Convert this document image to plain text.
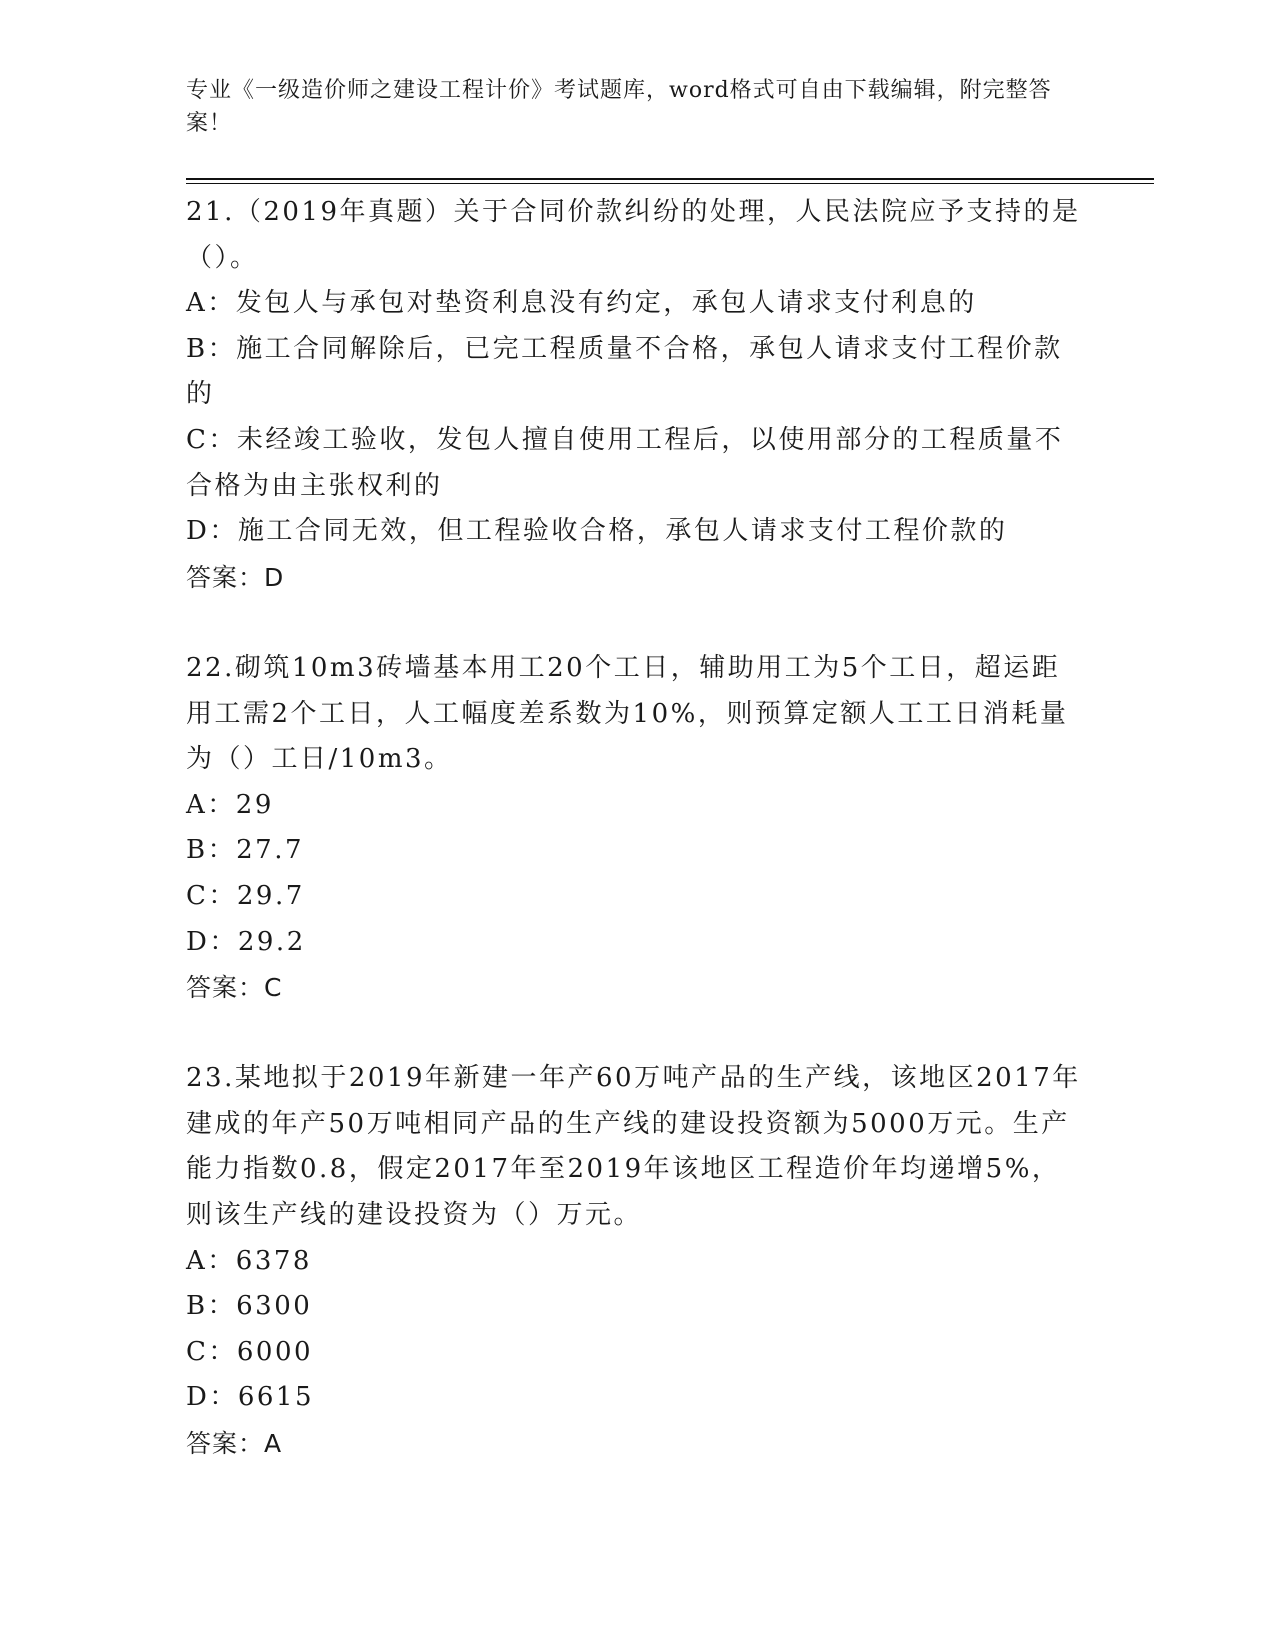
专业《一级造价师之建设工程计价》考试题库，word格式可自由下载编辑，附完整答案！

21.（2019年真题）关于合同价款纠纷的处理，人民法院应予支持的是（）。

A：发包人与承包对垫资利息没有约定，承包人请求支付利息的

B：施工合同解除后，已完工程质量不合格，承包人请求支付工程价款的

C：未经竣工验收，发包人擅自使用工程后，以使用部分的工程质量不合格为由主张权利的

D：施工合同无效，但工程验收合格，承包人请求支付工程价款的

答案：D

22.砌筑10m3砖墙基本用工20个工日，辅助用工为5个工日，超运距用工需2个工日，人工幅度差系数为10%，则预算定额人工工日消耗量为（）工日/10m3。

A：29

B：27.7

C：29.7

D：29.2

答案：C

23.某地拟于2019年新建一年产60万吨产品的生产线，该地区2017年建成的年产50万吨相同产品的生产线的建设投资额为5000万元。生产能力指数0.8，假定2017年至2019年该地区工程造价年均递增5%，则该生产线的建设投资为（）万元。

A：6378

B：6300

C：6000

D：6615

答案：A
